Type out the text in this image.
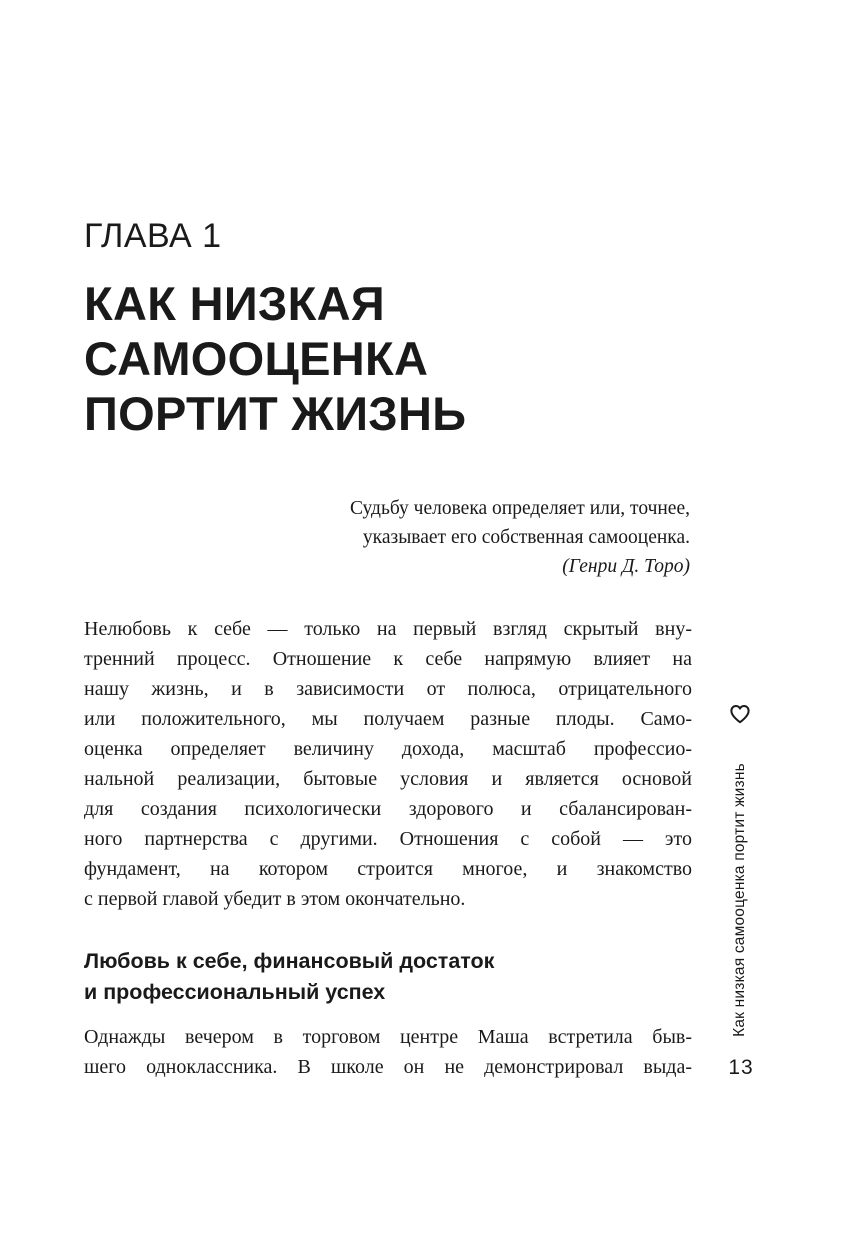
ГЛАВА 1
КАК НИЗКАЯ
САМООЦЕНКА
ПОРТИТ ЖИЗНЬ
Судьбу человека определяет или, точнее,
указывает его собственная самооценка.
(Генри Д. Торо)
Нелюбовь к себе — только на первый взгляд скрытый вну-
тренний процесс. Отношение к себе напрямую влияет на
нашу жизнь, и в зависимости от полюса, отрицательного
или положительного, мы получаем разные плоды. Само-
оценка определяет величину дохода, масштаб профессио-
нальной реализации, бытовые условия и является основой
для создания психологически здорового и сбалансирован-
ного партнерства с другими. Отношения с собой — это
фундамент, на котором строится многое, и знакомство
с первой главой убедит в этом окончательно.
Любовь к себе, финансовый достаток
и профессиональный успех
Однажды вечером в торговом центре Маша встретила быв-
шего одноклассника. В школе он не демонстрировал выда-
Как низкая самооценка портит жизнь
13
